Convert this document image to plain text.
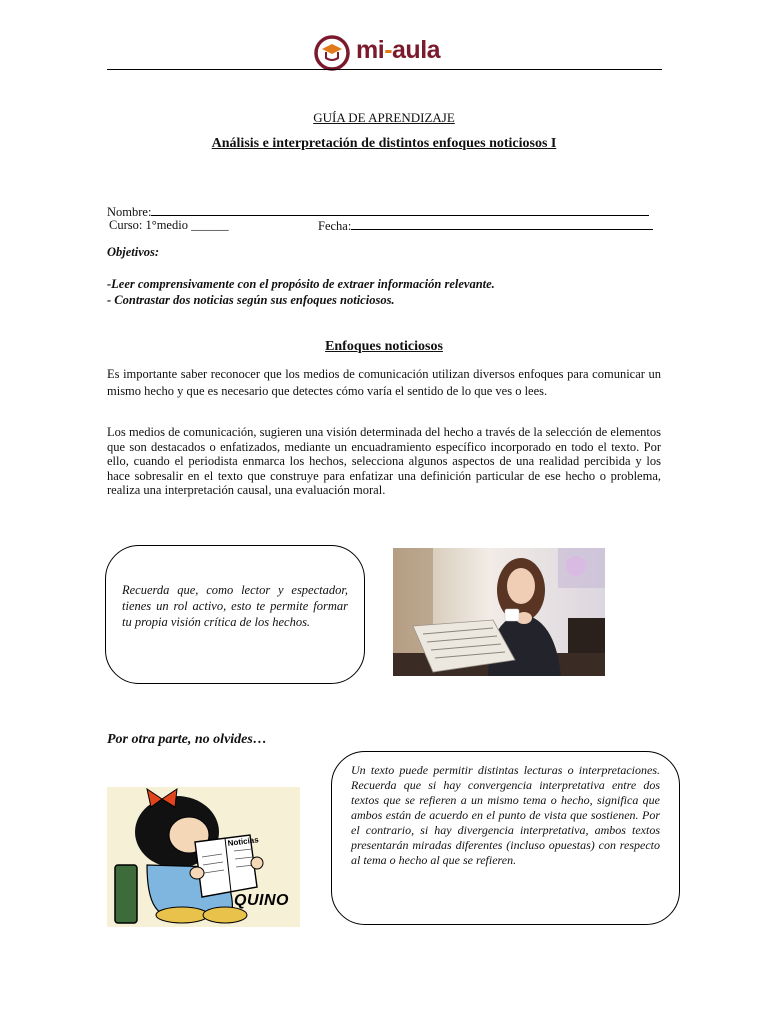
mi-aula
GUÍA DE APRENDIZAJE
Análisis e interpretación de distintos enfoques noticiosos I
Nombre:
Curso: 1°medio ______	Fecha:
Objetivos:
-Leer comprensivamente con el propósito de extraer información relevante.
- Contrastar dos noticias según sus enfoques noticiosos.
Enfoques noticiosos
Es importante saber reconocer que los medios de comunicación utilizan diversos enfoques para comunicar un mismo hecho y que es necesario que detectes cómo varía el sentido de lo que ves o lees.
Los medios de comunicación, sugieren una visión determinada del hecho a través de la selección de elementos que son destacados o enfatizados, mediante un encuadramiento específico incorporado en todo el texto. Por ello, cuando el periodista enmarca los hechos, selecciona algunos aspectos de una realidad percibida y los hace sobresalir en el texto que construye para enfatizar una definición particular de ese hecho o problema, realiza una interpretación causal, una evaluación moral.
Recuerda que, como lector y espectador, tienes un rol activo, esto te permite formar tu propia visión crítica de los hechos.
Por otra parte, no olvides…
Noticias
QUINO
Un texto puede permitir distintas lecturas o interpretaciones. Recuerda que si hay convergencia interpretativa entre dos textos que se refieren a un mismo tema o hecho, significa que ambos están de acuerdo en el punto de vista que sostienen. Por el contrario, si hay divergencia interpretativa, ambos textos presentarán miradas diferentes (incluso opuestas) con respecto al tema o hecho al que se refieren.
